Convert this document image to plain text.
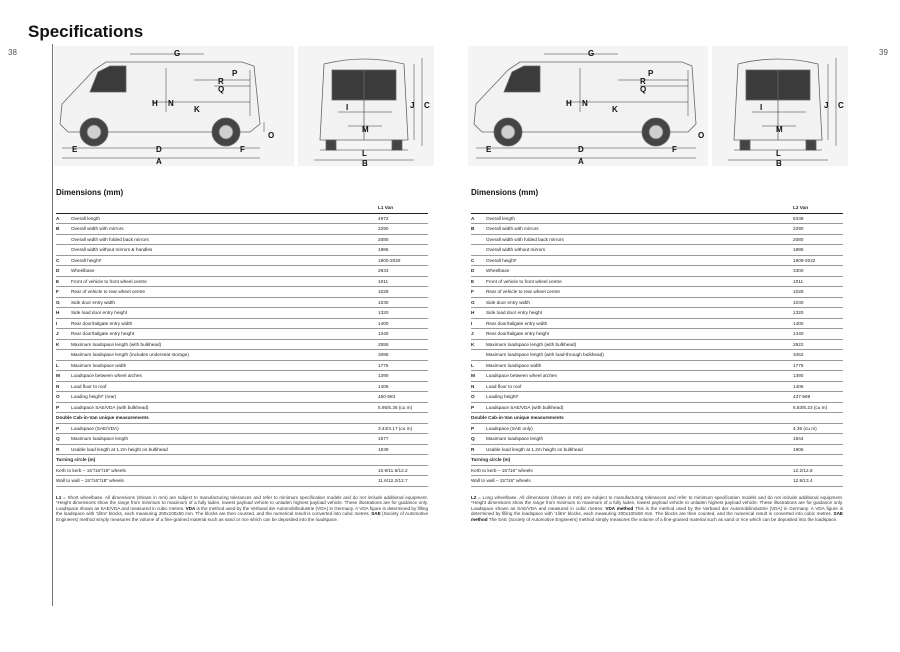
Specifications
38	39
G
P
R
Q
H N
K
O
E	D	F
A
I	J C
M
L
B
G
P
R
Q
H N
K
O
E	D	F
A
I	J C
M
L
B
Dimensions (mm)
		L1 Van
A	Overall length	4972
B	Overall width with mirrors	2290
	Overall width with folded back mirrors	2080
	Overall width without mirrors & handles	1986
C	Overall height*	1900-2020
D	Wheelbase	2933
E	Front of vehicle to front wheel centre	1011
F	Rear of vehicle to rear wheel centre	1028
G	Side door entry width	1030
H	Side load door entry height	1320
I	Rear door/tailgate entry width	1400
J	Rear door/tailgate entry height	1340
K	Maximum loadspace length (with bulkhead)	2555
	Maximum loadspace length (includes underseat storage)	3085
L	Maximum loadspace width	1775
M	Loadspace between wheel arches	1390
N	Load floor to roof	1406
O	Loading height* (rear)	450-583
P	Loadspace SAE/VDA (with bulkhead)	5.95/5.36 (cu m)
Double Cab-in-Van unique measurements		
P	Loadspace (SAE/VDA)	3.43/3.17 (cu m)
Q	Maximum loadspace length	1577
R	Usable load length at 1.2m height on bulkhead	1539
Turning circle (m)		
Kerb to kerb – 15"/16"/18" wheels		10.9/11.6/12.2
Wall to wall – 15"/16"/18" wheels		11.6/12.2/12.7
L1 = Short wheelbase. All dimensions (shown in mm) are subject to manufacturing tolerances and refer to minimum specification models and do not include additional equipment. *Height dimensions show the range from minimum to maximum of a fully laden, lowest payload vehicle to unladen highest payload vehicle. These illustrations are for guidance only. Loadspace shown as SAE/VDA and measured in cubic metres. VDA is the method used by the Verband der Automobilindustrie (VDA) in Germany. A VDA figure is determined by filling the loadspace with '1litre' blocks, each measuring 200x100x50 mm. The blocks are then counted, and the numerical result is converted into cubic metres. SAE (Society of Automotive Engineers) method simply measures the volume of a fine-grained material such as sand or rice which can be deposited into the loadspace.
Dimensions (mm)
		L2 Van
A	Overall length	5339
B	Overall width with mirrors	2290
	Overall width with folded back mirrors	2080
	Overall width without mirrors	1986
C	Overall height*	1909-2022
D	Wheelbase	3300
E	Front of vehicle to front wheel centre	1011
F	Rear of vehicle to rear wheel centre	1028
G	Side door entry width	1030
H	Side load door entry height	1320
I	Rear door/tailgate entry width	1400
J	Rear door/tailgate entry height	1340
K	Maximum loadspace length (with bulkhead)	2922
	Maximum loadspace length (with load-through bulkhead)	3452
L	Maximum loadspace width	1775
M	Loadspace between wheel arches	1390
N	Load floor to roof	1406
O	Loading height*	437-589
P	Loadspace SAE/VDA (with bulkhead)	6.83/6.23 (cu m)
Double Cab-in-Van unique measurements		
P	Loadspace (SAE only)	4.35 (cu m)
Q	Maximum loadspace length	1944
R	Usable load length at 1.2m height on bulkhead	1906
Turning circle (m)		
Kerb to kerb – 15"/16" wheels		12.2/12.8
Wall to wall – 15"/16" wheels		12.8/13.4
L2 = Long wheelbase. All dimensions (shown in mm) are subject to manufacturing tolerances and refer to minimum specification models and do not include additional equipment. *Height dimensions show the range from minimum to maximum of a fully laden, lowest payload vehicle to unladen highest payload vehicle. These illustrations are for guidance only. Loadspace shown as SAE/VDA and measured in cubic metres. VDA method This is the method used by the Verband der Automobilindustrie (VDA) in Germany. A VDA figure is determined by filling the loadspace with '1litre' blocks, each measuring 200x100x50 mm. The blocks are then counted, and the numerical result is converted into cubic metres. SAE method The SAE (Society of Automotive Engineers) method simply measures the volume of a fine-grained material such as sand or rice which can be deposited into the loadspace.
